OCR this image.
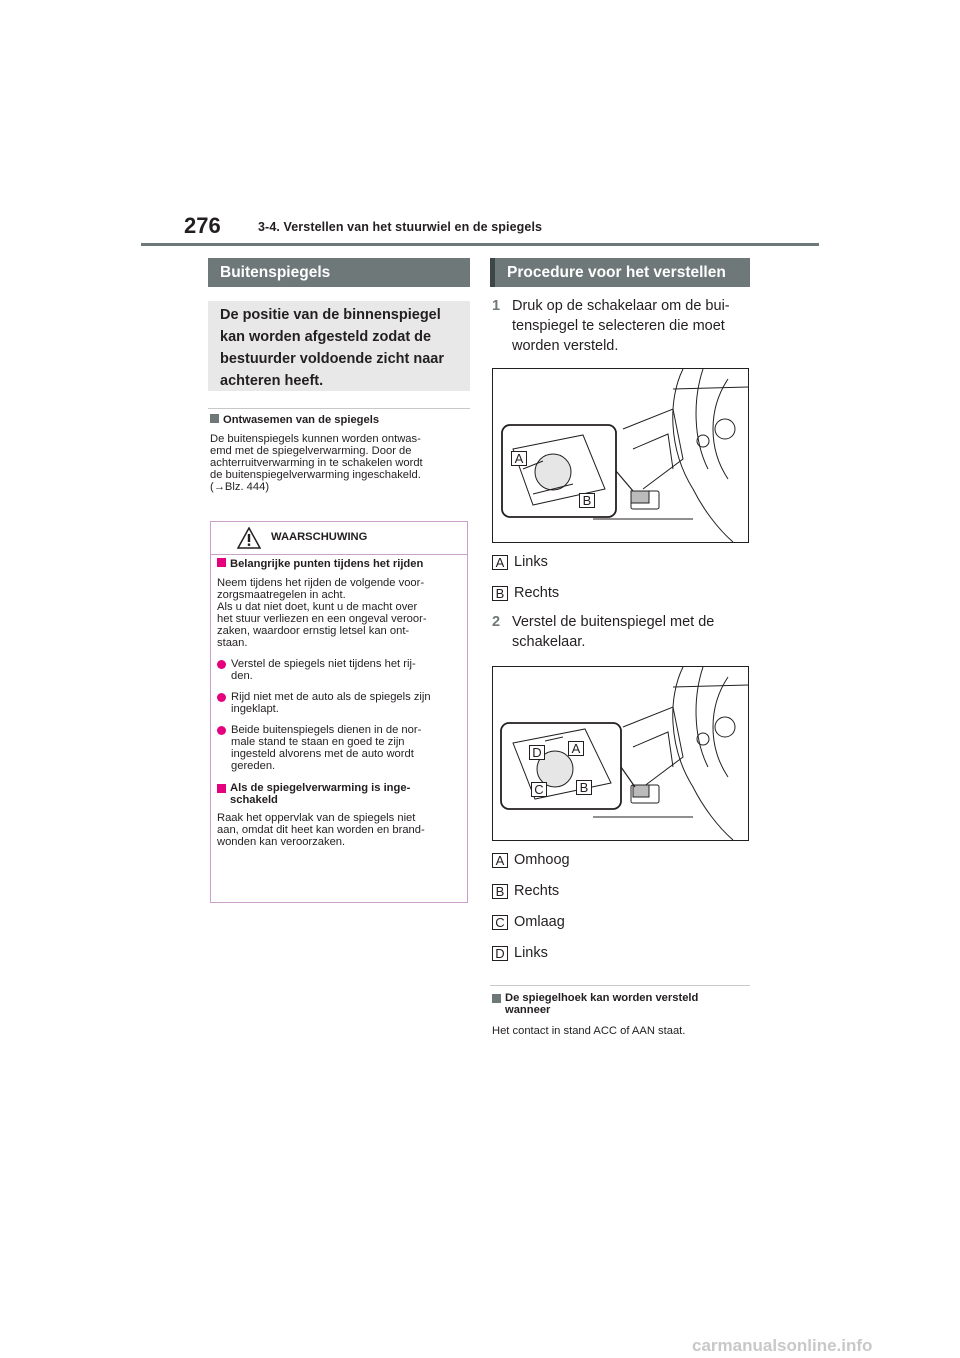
276	3-4. Verstellen van het stuurwiel en de spiegels
Buitenspiegels
De positie van de binnenspiegel kan worden afgesteld zodat de bestuurder voldoende zicht naar achteren heeft.
Ontwasemen van de spiegels
De buitenspiegels kunnen worden ontwas-
emd met de spiegelverwarming. Door de
achterruitverwarming in te schakelen wordt
de buitenspiegelverwarming ingeschakeld.
(→Blz. 444)
WAARSCHUWING
Belangrijke punten tijdens het rijden
Neem tijdens het rijden de volgende voor-
zorgsmaatregelen in acht.
Als u dat niet doet, kunt u de macht over
het stuur verliezen en een ongeval veroor-
zaken, waardoor ernstig letsel kan ont-
staan.
Verstel de spiegels niet tijdens het rij-
den.
Rijd niet met de auto als de spiegels zijn
ingeklapt.
Beide buitenspiegels dienen in de nor-
male stand te staan en goed te zijn
ingesteld alvorens met de auto wordt
gereden.
Als de spiegelverwarming is inge-
schakeld
Raak het oppervlak van de spiegels niet
aan, omdat dit heet kan worden en brand-
wonden kan veroorzaken.
Procedure voor het verstellen
1 Druk op de schakelaar om de bui-
tenspiegel te selecteren die moet
worden versteld.
A
B
A Links
B Rechts
2 Verstel de buitenspiegel met de
schakelaar.
D A
C	B
A Omhoog
B Rechts
C Omlaag
D Links
De spiegelhoek kan worden versteld
wanneer
Het contact in stand ACC of AAN staat.
carmanualsonline.info
